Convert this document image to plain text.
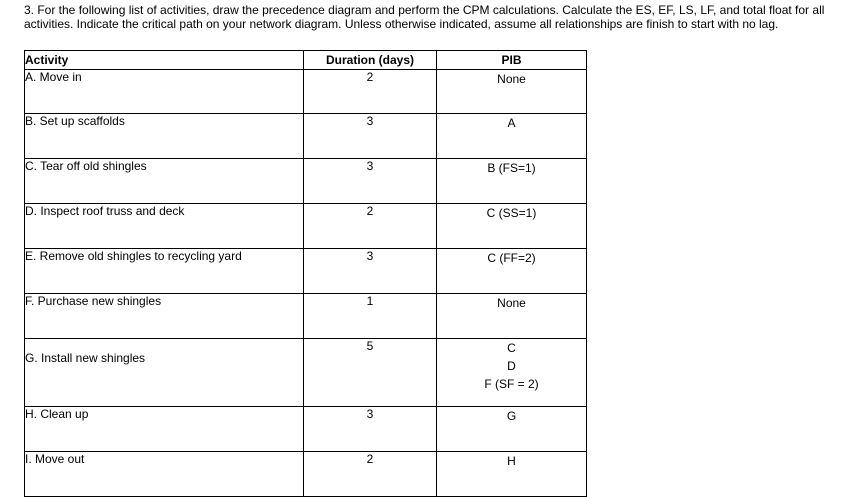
3. For the following list of activities, draw the precedence diagram and perform the CPM calculations. Calculate the ES, EF, LS, LF, and total float for all activities. Indicate the critical path on your network diagram. Unless otherwise indicated, assume all relationships are finish to start with no lag.
Activity	Duration (days)	PIB
A. Move in	2	None

B. Set up scaffolds	3	A

C. Tear off old shingles	3	B (FS=1)

D. Inspect roof truss and deck	2	C (SS=1)

E. Remove old shingles to recycling yard	3	C (FF=2)

F. Purchase new shingles	1	None

G. Install new shingles	5	C
D
F (SF = 2)

H. Clean up	3	G

I. Move out	2	H
